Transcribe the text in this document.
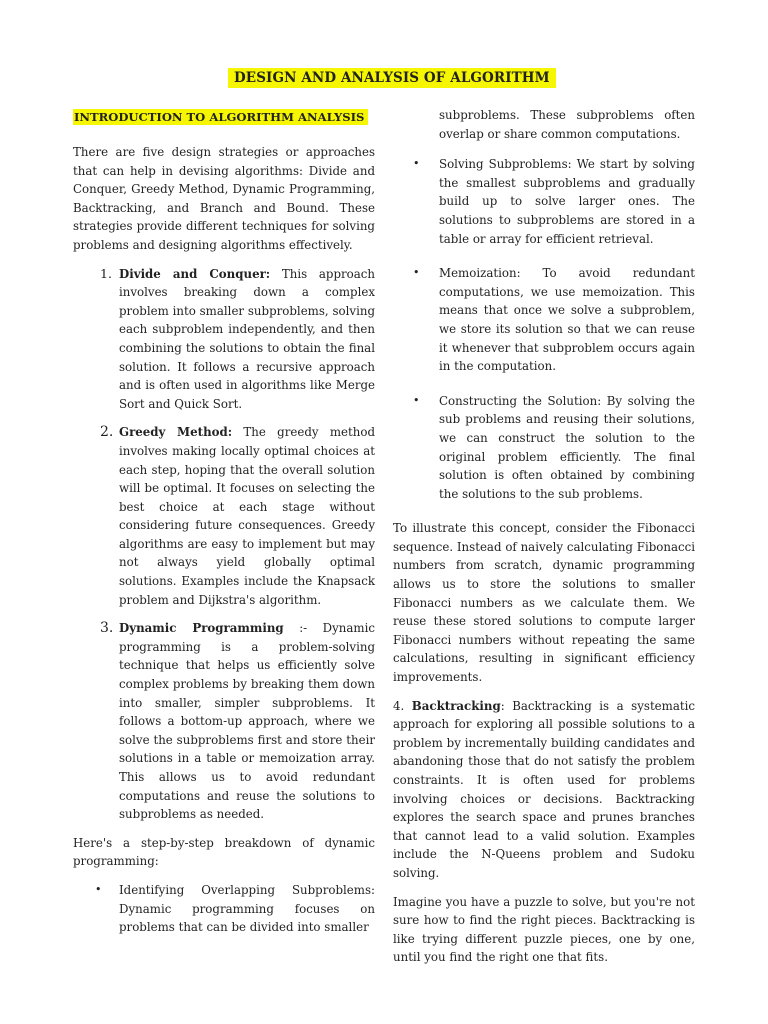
DESIGN AND ANALYSIS OF ALGORITHM
INTRODUCTION TO ALGORITHM ANALYSIS

There are five design strategies or approaches that can help in devising algorithms: Divide and Conquer, Greedy Method, Dynamic Programming, Backtracking, and Branch and Bound. These strategies provide different techniques for solving problems and designing algorithms effectively.

1. Divide and Conquer: This approach involves breaking down a complex problem into smaller subproblems, solving each subproblem independently, and then combining the solutions to obtain the final solution. It follows a recursive approach and is often used in algorithms like Merge Sort and Quick Sort.

2. Greedy Method: The greedy method involves making locally optimal choices at each step, hoping that the overall solution will be optimal. It focuses on selecting the best choice at each stage without considering future consequences. Greedy algorithms are easy to implement but may not always yield globally optimal solutions. Examples include the Knapsack problem and Dijkstra's algorithm.

3. Dynamic Programming :- Dynamic programming is a problem-solving technique that helps us efficiently solve complex problems by breaking them down into smaller, simpler subproblems. It follows a bottom-up approach, where we solve the subproblems first and store their solutions in a table or memoization array. This allows us to avoid redundant computations and reuse the solutions to subproblems as needed.

Here's a step-by-step breakdown of dynamic programming:

• Identifying Overlapping Subproblems: Dynamic programming focuses on problems that can be divided into smaller

subproblems. These subproblems often overlap or share common computations.

• Solving Subproblems: We start by solving the smallest subproblems and gradually build up to solve larger ones. The solutions to subproblems are stored in a table or array for efficient retrieval.

• Memoization: To avoid redundant computations, we use memoization. This means that once we solve a subproblem, we store its solution so that we can reuse it whenever that subproblem occurs again in the computation.

• Constructing the Solution: By solving the sub problems and reusing their solutions, we can construct the solution to the original problem efficiently. The final solution is often obtained by combining the solutions to the sub problems.

To illustrate this concept, consider the Fibonacci sequence. Instead of naively calculating Fibonacci numbers from scratch, dynamic programming allows us to store the solutions to smaller Fibonacci numbers as we calculate them. We reuse these stored solutions to compute larger Fibonacci numbers without repeating the same calculations, resulting in significant efficiency improvements.

4. Backtracking: Backtracking is a systematic approach for exploring all possible solutions to a problem by incrementally building candidates and abandoning those that do not satisfy the problem constraints. It is often used for problems involving choices or decisions. Backtracking explores the search space and prunes branches that cannot lead to a valid solution. Examples include the N-Queens problem and Sudoku solving.

Imagine you have a puzzle to solve, but you're not sure how to find the right pieces. Backtracking is like trying different puzzle pieces, one by one, until you find the right one that fits.
